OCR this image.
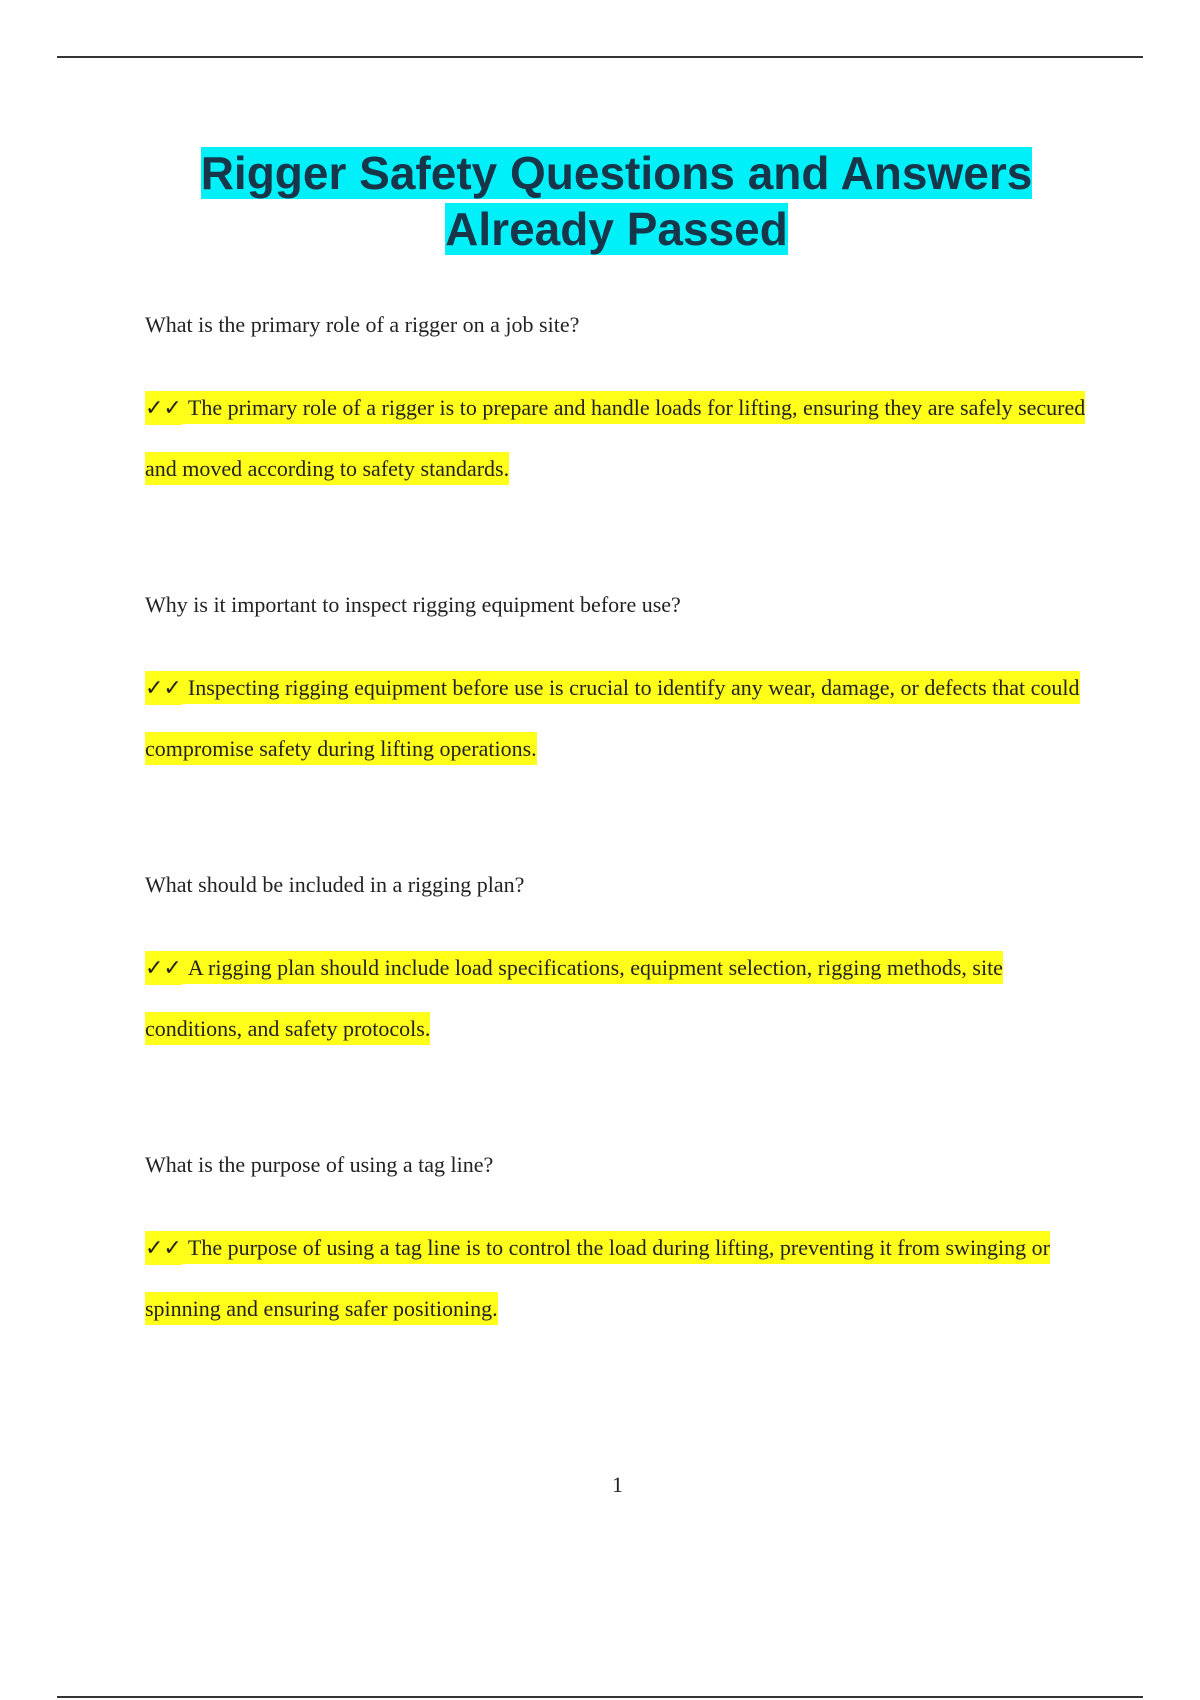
Rigger Safety Questions and Answers
Already Passed

What is the primary role of a rigger on a job site?

✓✓ The primary role of a rigger is to prepare and handle loads for lifting, ensuring they are safely secured and moved according to safety standards.

Why is it important to inspect rigging equipment before use?

✓✓ Inspecting rigging equipment before use is crucial to identify any wear, damage, or defects that could compromise safety during lifting operations.

What should be included in a rigging plan?

✓✓ A rigging plan should include load specifications, equipment selection, rigging methods, site conditions, and safety protocols.

What is the purpose of using a tag line?

✓✓ The purpose of using a tag line is to control the load during lifting, preventing it from swinging or spinning and ensuring safer positioning.

1
